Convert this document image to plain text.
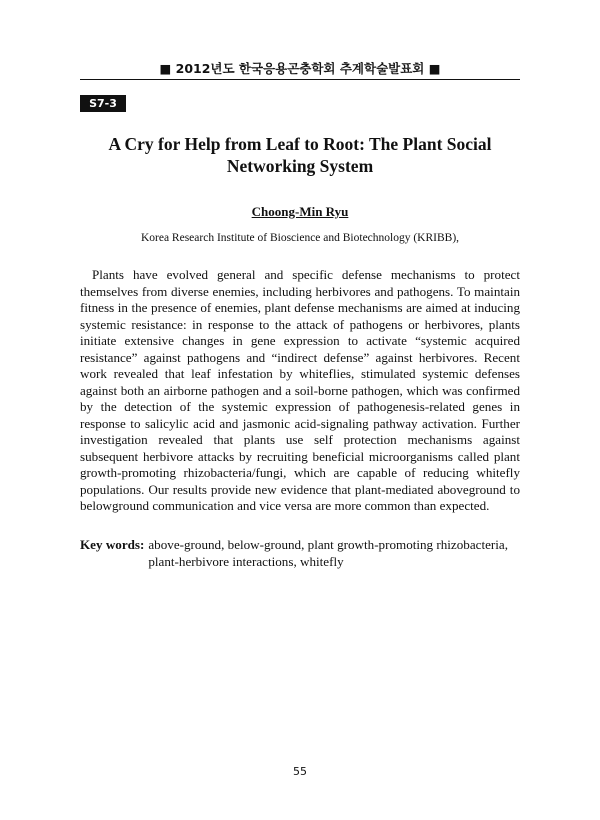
■ 2012년도 한국응용곤충학회 추계학술발표회 ■
S7-3
A Cry for Help from Leaf to Root: The Plant Social Networking System
Choong-Min Ryu
Korea Research Institute of Bioscience and Biotechnology (KRIBB),

Plants have evolved general and specific defense mechanisms to protect themselves from diverse enemies, including herbivores and pathogens. To maintain fitness in the presence of enemies, plant defense mechanisms are aimed at inducing systemic resistance: in response to the attack of pathogens or herbivores, plants initiate extensive changes in gene expression to activate “systemic acquired resistance” against pathogens and “indirect defense” against herbivores. Recent work revealed that leaf infestation by whiteflies, stimulated systemic defenses against both an airborne pathogen and a soil-borne pathogen, which was confirmed by the detection of the systemic expression of pathogenesis-related genes in response to salicylic acid and jasmonic acid-signaling pathway activation. Further investigation revealed that plants use self protection mechanisms against subsequent herbivore attacks by recruiting beneficial microorganisms called plant growth-promoting rhizobacteria/fungi, which are capable of reducing whitefly populations. Our results provide new evidence that plant-mediated aboveground to belowground communication and vice versa are more common than expected.

Key words: above-ground, below-ground, plant growth-promoting rhizobacteria, plant-herbivore interactions, whitefly
55
